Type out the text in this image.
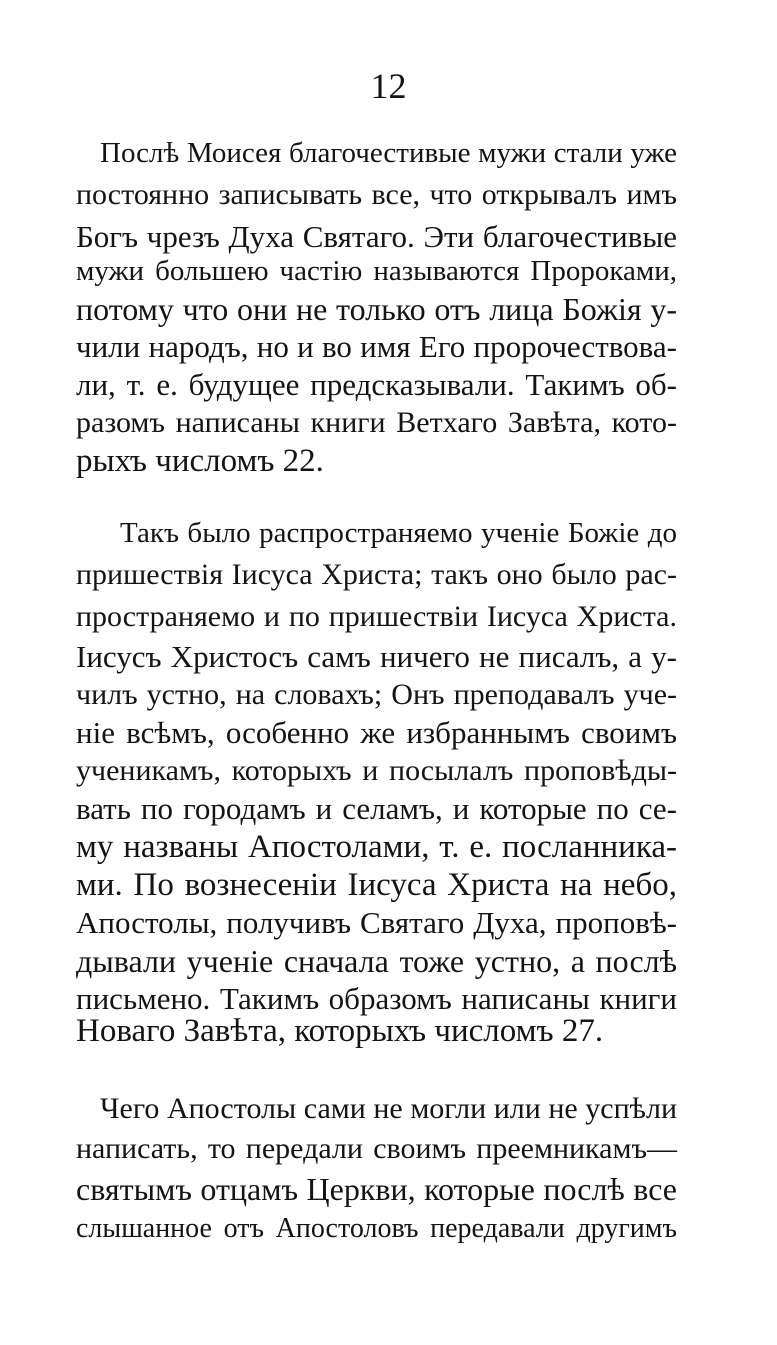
12
Послѣ Моисея благочестивые мужи стали уже
постоянно записывать все, что открывалъ имъ
Богъ чрезъ Духа Святаго. Эти благочестивые
мужи большею частію называются Пророками,
потому что они не только отъ лица Божія у-
чили народъ, но и во имя Его пророчествова-
ли, т. е. будущее предсказывали. Такимъ об-
разомъ написаны книги Ветхаго Завѣта, кото-
рыхъ числомъ 22.
Такъ было распространяемо ученіе Божіе до
пришествія Іисуса Христа; такъ оно было рас-
пространяемо и по пришествіи Іисуса Христа.
Іисусъ Христосъ самъ ничего не писалъ, а у-
чилъ устно, на словахъ; Онъ преподавалъ уче-
ніе всѣмъ, особенно же избраннымъ своимъ
ученикамъ, которыхъ и посылалъ проповѣды-
вать по городамъ и селамъ, и которые по се-
му названы Апостолами, т. е. посланника-
ми. По вознесеніи Іисуса Христа на небо,
Апостолы, получивъ Святаго Духа, проповѣ-
дывали ученіе сначала тоже устно, а послѣ
письмено. Такимъ образомъ написаны книги
Новаго Завѣта, которыхъ числомъ 27.
Чего Апостолы сами не могли или не успѣли
написать, то передали своимъ преемникамъ—
святымъ отцамъ Церкви, которые послѣ все
слышанное отъ Апостоловъ передавали другимъ
